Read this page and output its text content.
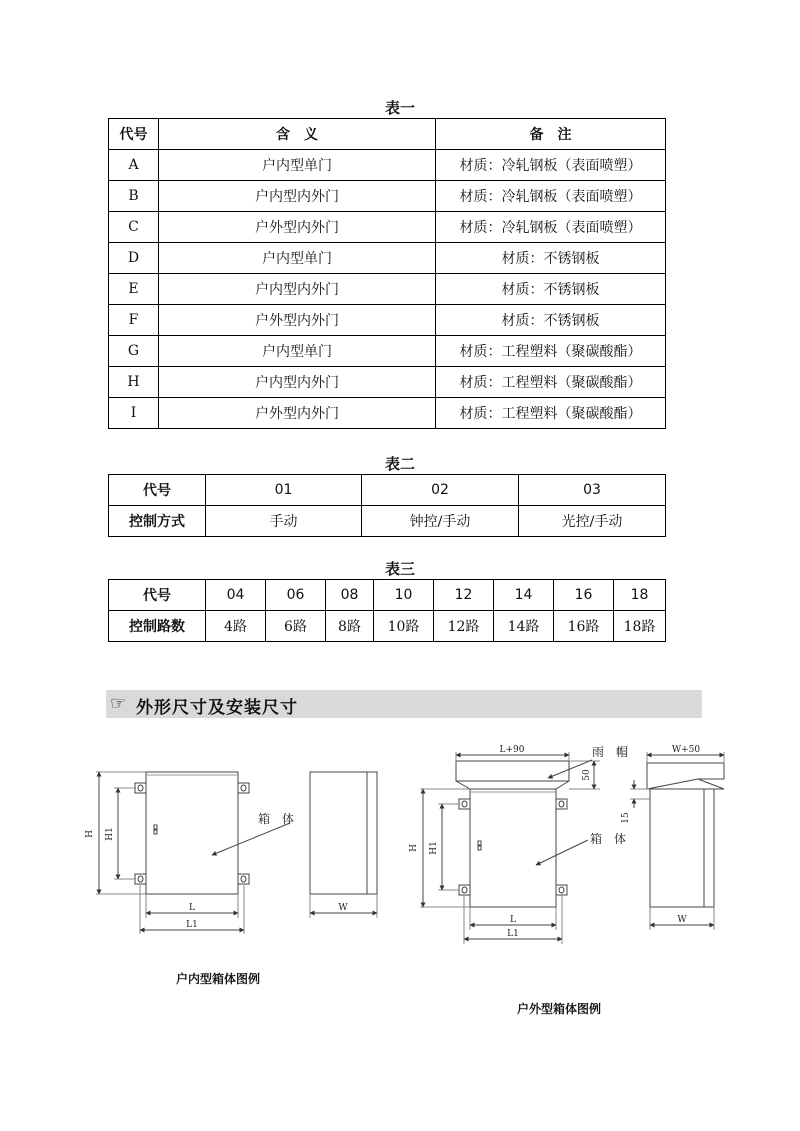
表一
代号	含　义	备　注
A	户内型单门	材质：冷轧钢板（表面喷塑）
B	户内型内外门	材质：冷轧钢板（表面喷塑）
C	户外型内外门	材质：冷轧钢板（表面喷塑）
D	户内型单门	材质：不锈钢板
E	户内型内外门	材质：不锈钢板
F	户外型内外门	材质：不锈钢板
G	户内型单门	材质：工程塑料（聚碳酸酯）
H	户内型内外门	材质：工程塑料（聚碳酸酯）
I	户外型内外门	材质：工程塑料（聚碳酸酯）
表二
代号	01	02	03
控制方式	手动	钟控/手动	光控/手动
表三
代号	04	06	08	10	12	14	16	18
控制路数	4路	6路	8路	10路	12路	14路	16路	18路
☞ 外形尺寸及安装尺寸
H H1
L
L1
W
L+90
50
H H1
L
L1
W+50
15
W
箱　体
箱　体
雨　帽
户内型箱体图例
户外型箱体图例
